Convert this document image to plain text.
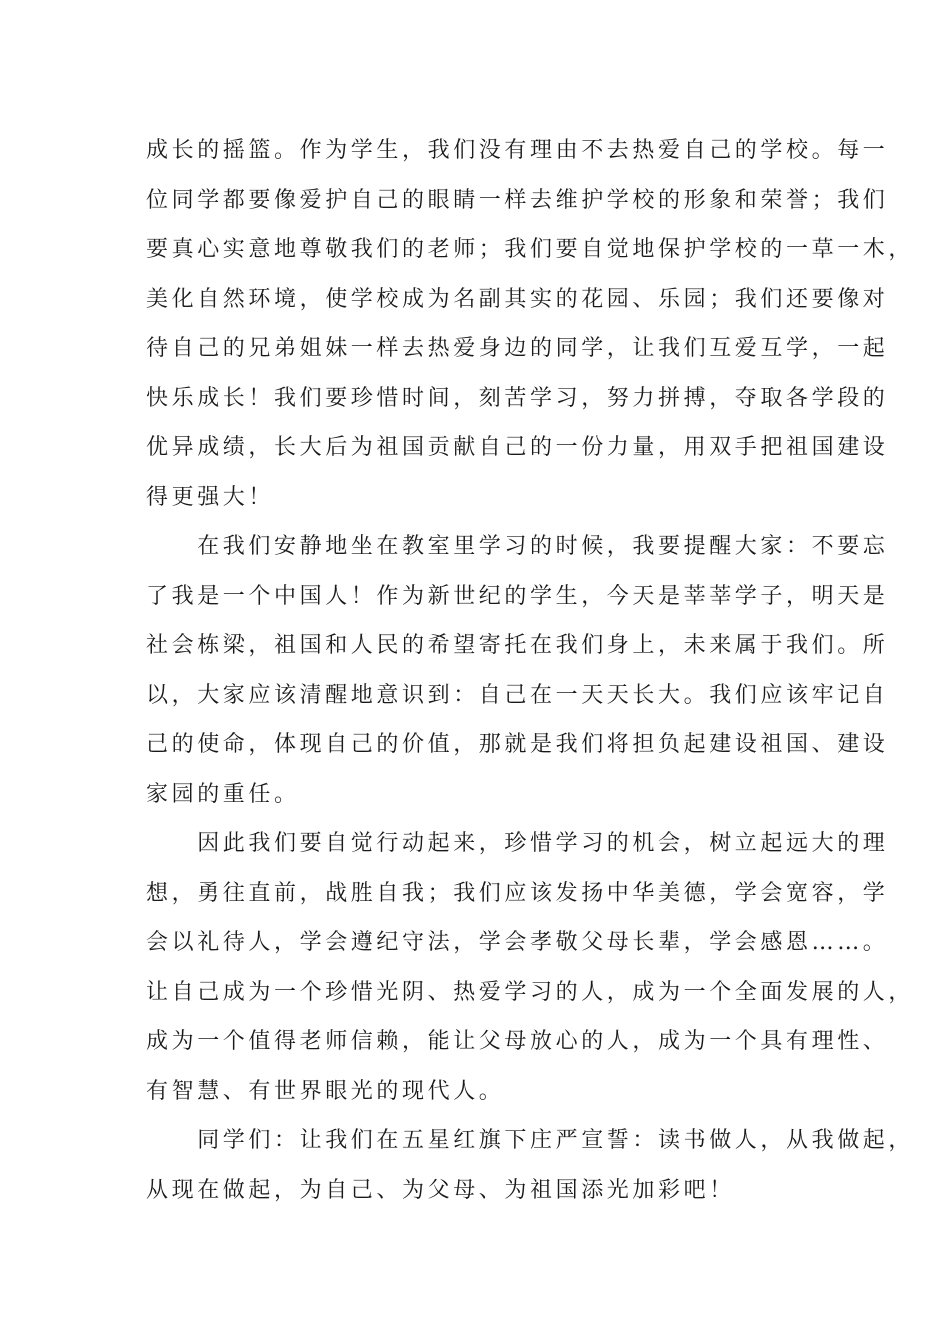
成长的摇篮。作为学生，我们没有理由不去热爱自己的学校。每一
位同学都要像爱护自己的眼睛一样去维护学校的形象和荣誉；我们
要真心实意地尊敬我们的老师；我们要自觉地保护学校的一草一木，
美化自然环境，使学校成为名副其实的花园、乐园；我们还要像对
待自己的兄弟姐妹一样去热爱身边的同学，让我们互爱互学，一起
快乐成长！我们要珍惜时间，刻苦学习，努力拼搏，夺取各学段的
优异成绩，长大后为祖国贡献自己的一份力量，用双手把祖国建设
得更强大！
　　在我们安静地坐在教室里学习的时候，我要提醒大家：不要忘
了我是一个中国人！作为新世纪的学生，今天是莘莘学子，明天是
社会栋梁，祖国和人民的希望寄托在我们身上，未来属于我们。所
以，大家应该清醒地意识到：自己在一天天长大。我们应该牢记自
己的使命，体现自己的价值，那就是我们将担负起建设祖国、建设
家园的重任。
　　因此我们要自觉行动起来，珍惜学习的机会，树立起远大的理
想，勇往直前，战胜自我；我们应该发扬中华美德，学会宽容，学
会以礼待人，学会遵纪守法，学会孝敬父母长辈，学会感恩……。
让自己成为一个珍惜光阴、热爱学习的人，成为一个全面发展的人，
成为一个值得老师信赖，能让父母放心的人，成为一个具有理性、
有智慧、有世界眼光的现代人。
　　同学们：让我们在五星红旗下庄严宣誓：读书做人，从我做起，
从现在做起，为自己、为父母、为祖国添光加彩吧！
